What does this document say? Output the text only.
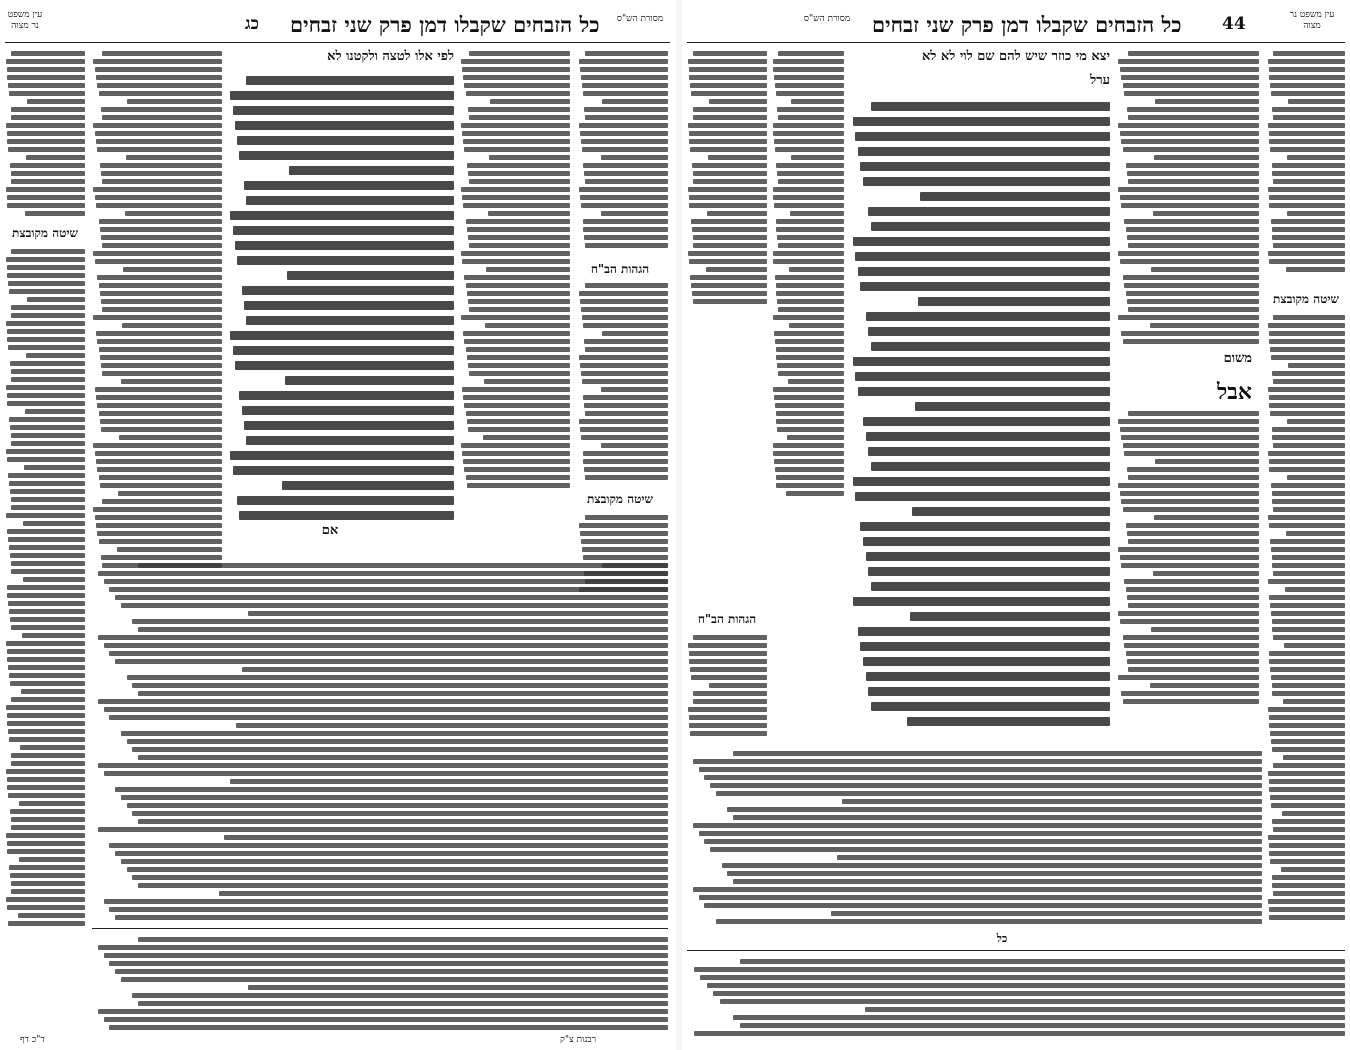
כל הזבחים שקבלו דמן פרק שני זבחים
כג	מסורת הש"ס
עין משפט נר מצוה
שיטה מקובצת
לפי אלו לטצה ולקטנו לא
אם
הגהות הב"ח
שיטה מקובצת
רבנות צ"ק
ד"כ דף
כל הזבחים שקבלו דמן פרק שני זבחים 44
מסורת הש"ס	עין משפט נר מצוה
שיטה מקובצת
משום
אבל
יצא מי כוזר שיש להם שם לוי לא לא
ערל
הגהות הב"ח
כל
